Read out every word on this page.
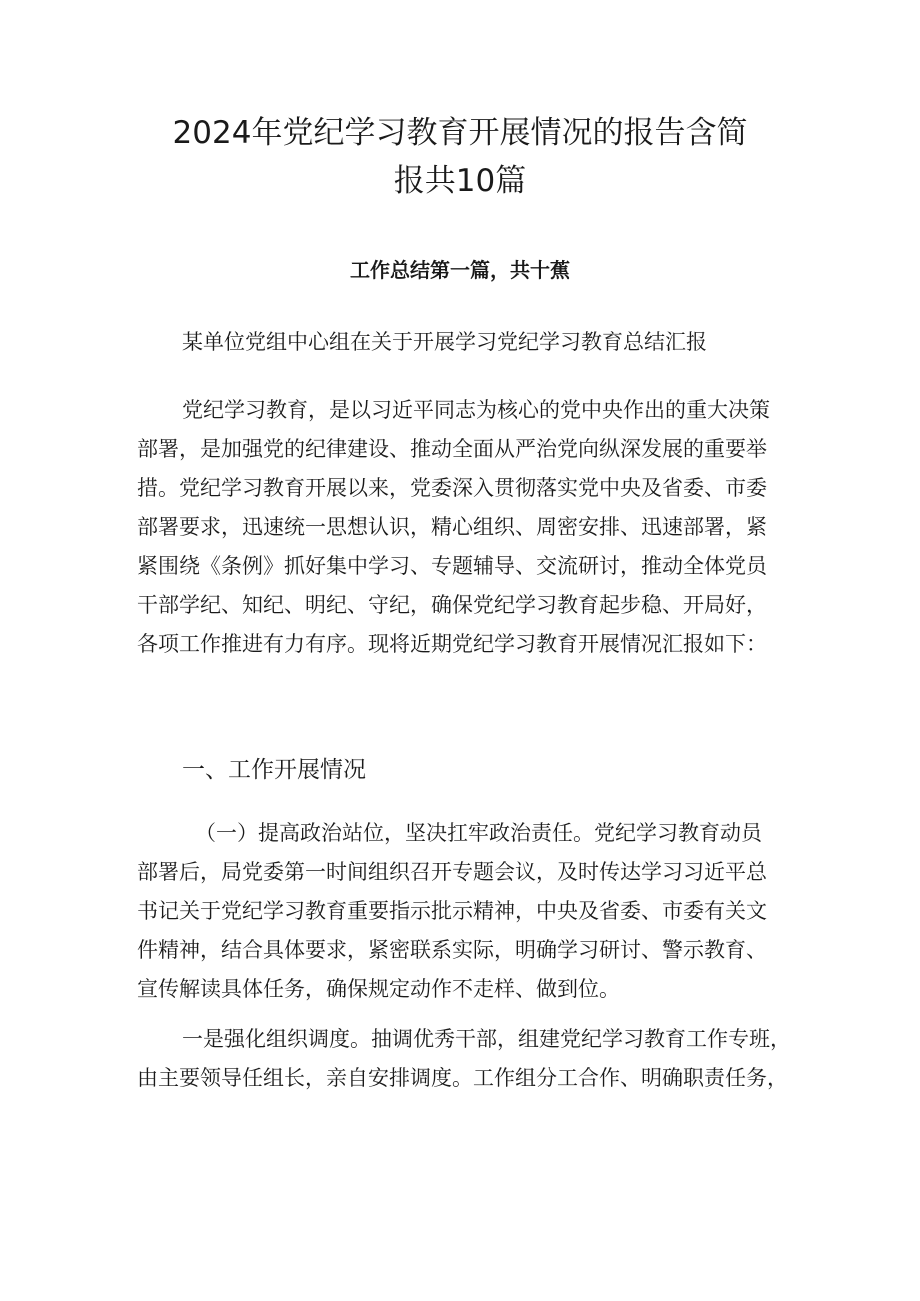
2024年党纪学习教育开展情况的报告含简
报共10篇
工作总结第一篇，共十蕉

某单位党组中心组在关于开展学习党纪学习教育总结汇报

党纪学习教育，是以习近平同志为核心的党中央作出的重大决策
部署，是加强党的纪律建设、推动全面从严治党向纵深发展的重要举
措。党纪学习教育开展以来，党委深入贯彻落实党中央及省委、市委
部署要求，迅速统一思想认识，精心组织、周密安排、迅速部署，紧
紧围绕《条例》抓好集中学习、专题辅导、交流研讨，推动全体党员
干部学纪、知纪、明纪、守纪，确保党纪学习教育起步稳、开局好，
各项工作推进有力有序。现将近期党纪学习教育开展情况汇报如下：
一、工作开展情况
（一）提高政治站位，坚决扛牢政治责任。党纪学习教育动员
部署后，局党委第一时间组织召开专题会议，及时传达学习习近平总
书记关于党纪学习教育重要指示批示精神，中央及省委、市委有关文
件精神，结合具体要求，紧密联系实际，明确学习研讨、警示教育、
宣传解读具体任务，确保规定动作不走样、做到位。
一是强化组织调度。抽调优秀干部，组建党纪学习教育工作专班，
由主要领导任组长，亲自安排调度。工作组分工合作、明确职责任务，
